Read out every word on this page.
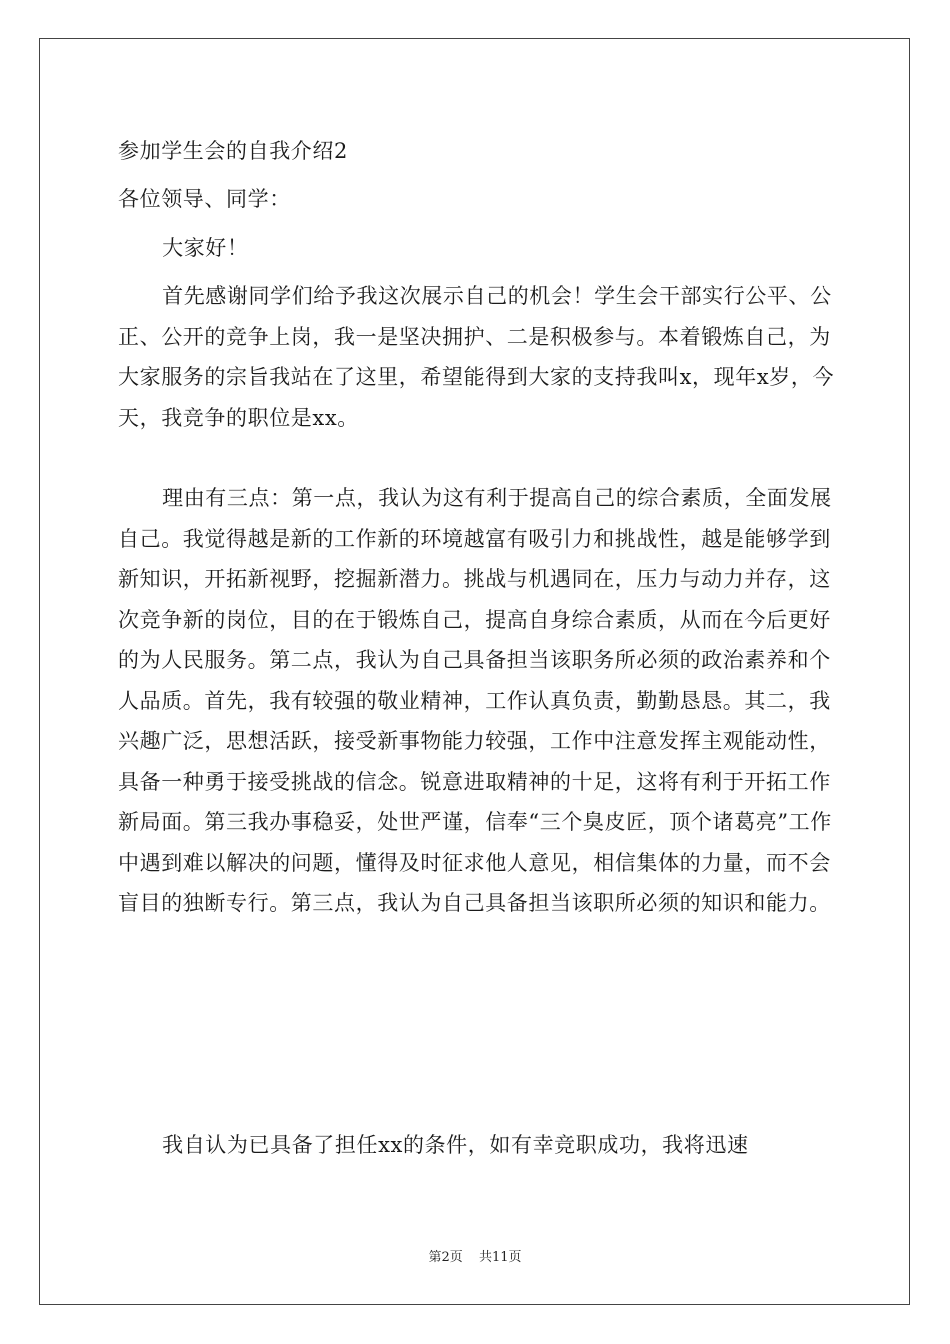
参加学生会的自我介绍2
各位领导、同学：
大家好！
首先感谢同学们给予我这次展示自己的机会！学生会干部实行公平、公正、公开的竞争上岗，我一是坚决拥护、二是积极参与。本着锻炼自己，为大家服务的宗旨我站在了这里，希望能得到大家的支持我叫x，现年x岁，今天，我竞争的职位是xx。
理由有三点：第一点，我认为这有利于提高自己的综合素质，全面发展自己。我觉得越是新的工作新的环境越富有吸引力和挑战性，越是能够学到新知识，开拓新视野，挖掘新潜力。挑战与机遇同在，压力与动力并存，这次竞争新的岗位，目的在于锻炼自己，提高自身综合素质，从而在今后更好的为人民服务。第二点，我认为自己具备担当该职务所必须的政治素养和个人品质。首先，我有较强的敬业精神，工作认真负责，勤勤恳恳。其二，我兴趣广泛，思想活跃，接受新事物能力较强，工作中注意发挥主观能动性，具备一种勇于接受挑战的信念。锐意进取精神的十足，这将有利于开拓工作新局面。第三我办事稳妥，处世严谨，信奉“三个臭皮匠，顶个诸葛亮”工作中遇到难以解决的问题，懂得及时征求他人意见，相信集体的力量，而不会盲目的独断专行。第三点，我认为自己具备担当该职所必须的知识和能力。
我自认为已具备了担任xx的条件，如有幸竞职成功，我将迅速
第2页 共11页
